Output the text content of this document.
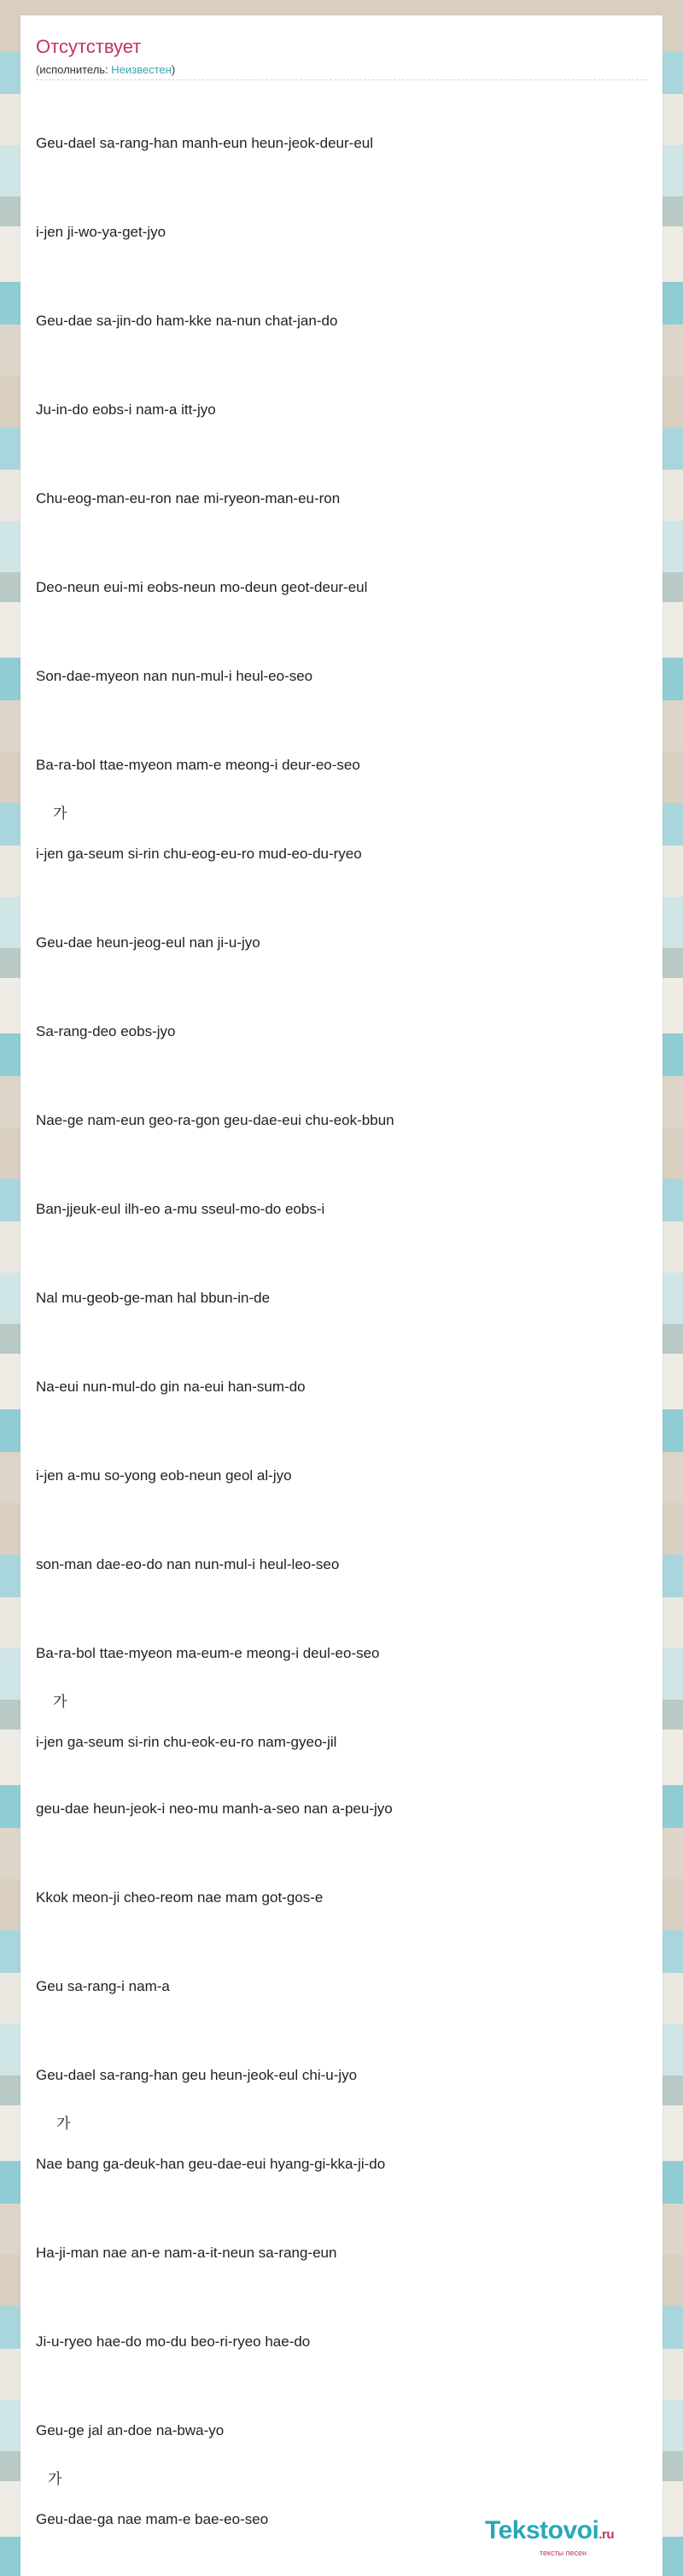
Отсутствует
(исполнитель: Неизвестен)
Geu-dael sa-rang-han manh-eun heun-jeok-deur-eul
i-jen ji-wo-ya-get-jyo
Geu-dae sa-jin-do ham-kke na-nun chat-jan-do
Ju-in-do eobs-i nam-a itt-jyo
Chu-eog-man-eu-ron nae mi-ryeon-man-eu-ron
Deo-neun eui-mi eobs-neun mo-deun geot-deur-eul
Son-dae-myeon nan nun-mul-i heul-eo-seo
Ba-ra-bol ttae-myeon mam-e meong-i deur-eo-seo
가
i-jen ga-seum si-rin chu-eog-eu-ro mud-eo-du-ryeo
Geu-dae heun-jeog-eul nan ji-u-jyo
Sa-rang-deo eobs-jyo
Nae-ge nam-eun geo-ra-gon geu-dae-eui chu-eok-bbun
Ban-jjeuk-eul ilh-eo a-mu sseul-mo-do eobs-i
Nal mu-geob-ge-man hal bbun-in-de
Na-eui nun-mul-do gin na-eui han-sum-do
i-jen a-mu so-yong eob-neun geol al-jyo
son-man dae-eo-do nan nun-mul-i heul-leo-seo
Ba-ra-bol ttae-myeon ma-eum-e meong-i deul-eo-seo
가
i-jen ga-seum si-rin chu-eok-eu-ro nam-gyeo-jil
geu-dae heun-jeok-i neo-mu manh-a-seo nan a-peu-jyo
Kkok meon-ji cheo-reom nae mam got-gos-e
Geu sa-rang-i nam-a
Geu-dael sa-rang-han geu heun-jeok-eul chi-u-jyo
가
Nae bang ga-deuk-han geu-dae-eui hyang-gi-kka-ji-do
Ha-ji-man nae an-e nam-a-it-neun sa-rang-eun
Ji-u-ryeo hae-do mo-du beo-ri-ryeo hae-do
Geu-ge jal an-doe na-bwa-yo
가
Geu-dae-ga nae mam-e bae-eo-seo	Tekstovoi.ru
тексты песен
